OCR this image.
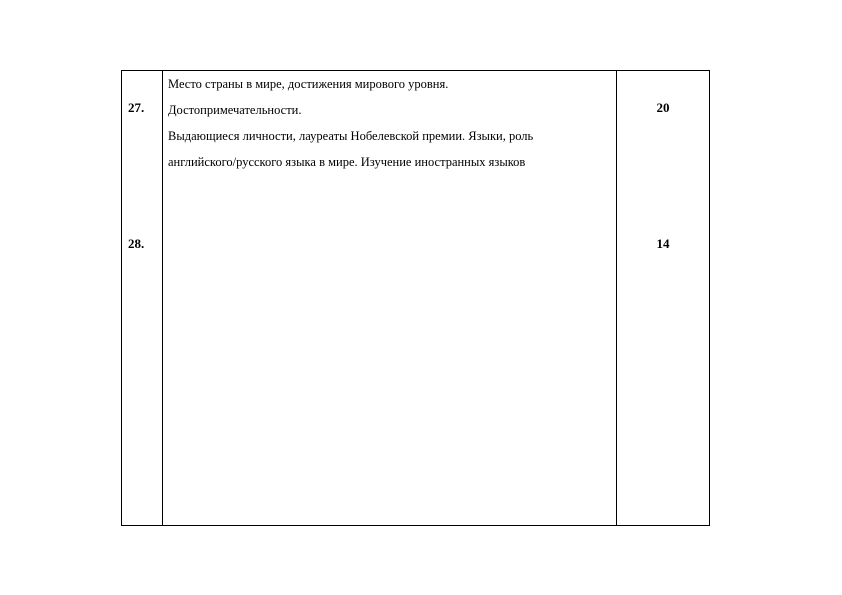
27.
Место страны в мире, достижения мирового уровня.
Достопримечательности.
Выдающиеся личности, лауреаты Нобелевской премии. Языки, роль
английского/русского языка в мире. Изучение иностранных языков
20
28.	14
